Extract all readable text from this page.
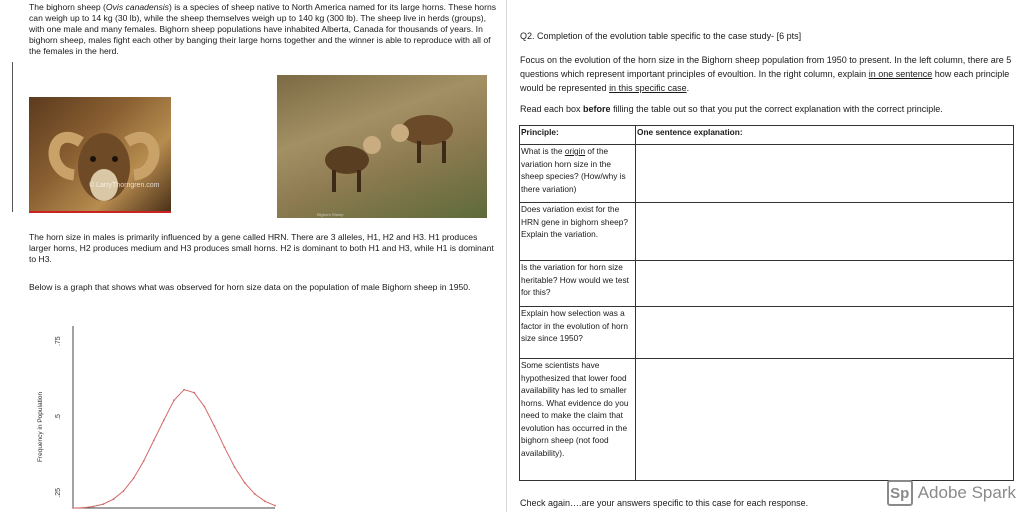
The bighorn sheep (Ovis canadensis) is a species of sheep native to North America named for its large horns. These horns can weigh up to 14 kg (30 lb), while the sheep themselves weigh up to 140 kg (300 lb). The sheep live in herds (groups), with one male and many females. Bighorn sheep populations have inhabited Alberta, Canada for thousands of years. In bighorn sheep, males fight each other by banging their large horns together and the winner is able to reproduce with all of the females in the herd.

© LarryThorngren.com
Bighorn Sheep

The horn size in males is primarily influenced by a gene called HRN. There are 3 alleles, H1, H2 and H3. H1 produces larger horns, H2 produces medium and H3 produces small horns. H2 is dominant to both H1 and H3, while H1 is dominant to H3.

Below is a graph that shows what was observed for horn size data on the population of male Bighorn sheep in 1950.

.25
.5
.75
Frequency in Population

Q2. Completion of the evolution table specific to the case study- [6 pts]

Focus on the evolution of the horn size in the Bighorn sheep population from 1950 to present. In the left column, there are 5 questions which represent important principles of evoultion. In the right column, explain in one sentence how each principle would be represented in this specific case.

Read each box before filling the table out so that you put the correct explanation with the correct principle.

Principle:	One sentence explanation:
What is the origin of the variation horn size in the sheep species? (How/why is there variation)	
Does variation exist for the HRN gene in bighorn sheep? Explain the variation.	
Is the variation for horn size heritable? How would we test for this?	
Explain how selection was a factor in the evolution of horn size since 1950?	
Some scientists have hypothesized that lower food availability has led to smaller horns. What evidence do you need to make the claim that evolution has occurred in the bighorn sheep (not food availability).	

Check again….are your answers specific to this case for each response.

Sp Adobe Spark
